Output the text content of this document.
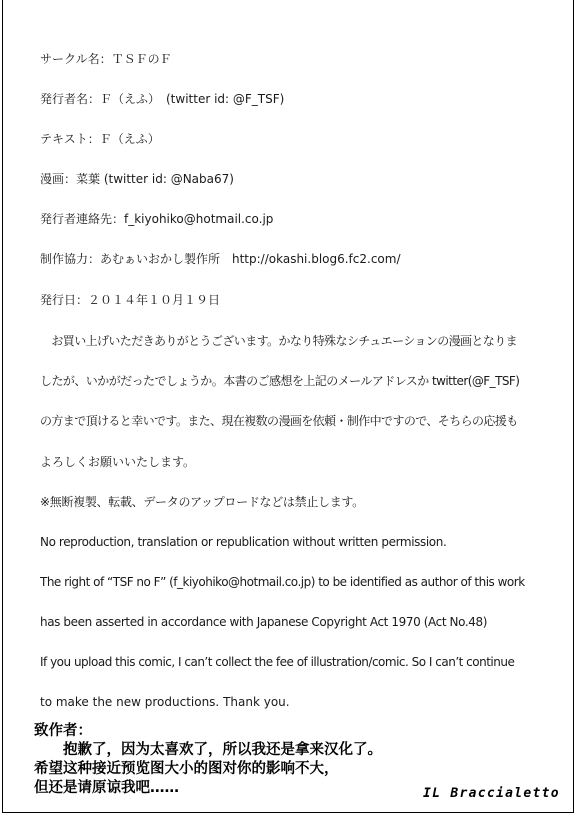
サークル名：ＴＳＦのＦ
発行者名：Ｆ（えふ）　(twitter id: @F_TSF)
テキスト：Ｆ（えふ）
漫画：菜葉 (twitter id: @Naba67)
発行者連絡先：f_kiyohiko@hotmail.co.jp
制作協力：あむぁいおかし製作所　http://okashi.blog6.fc2.com/
発行日：２０１４年１０月１９日
　お買い上げいただきありがとうございます。かなり特殊なシチュエーションの漫画となりま
したが、いかがだったでしょうか。本書のご感想を上記のメールアドレスか twitter(@F_TSF)
の方まで頂けると幸いです。また、現在複数の漫画を依頼・制作中ですので、そちらの応援も
よろしくお願いいたします。
※無断複製、転載、データのアップロードなどは禁止します。
No reproduction, translation or republication without written permission.
The right of “TSF no F” (f_kiyohiko@hotmail.co.jp) to be identified as author of this work
has been asserted in accordance with Japanese Copyright Act 1970 (Act No.48)
If you upload this comic, I can’t collect the fee of illustration/comic. So I can’t continue
to make the new productions. Thank you.
致作者：
　　抱歉了，因为太喜欢了，所以我还是拿来汉化了。
希望这种接近预览图大小的图对你的影响不大，
但还是请原谅我吧……	IL Braccialetto
